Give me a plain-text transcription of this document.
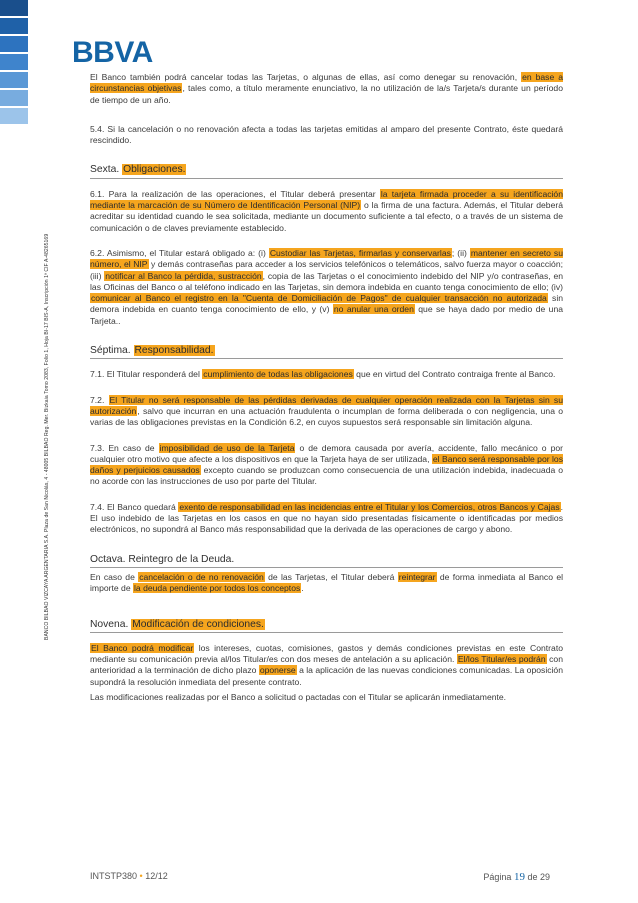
BBVA
BANCO BILBAO VIZCAYA ARGENTARIA S.A. Plaza de San Nicolás, 4 - 48005 BILBAO Reg. Mer. Bizkaia Tomo 2083, Folio 1, Hoja BI-17 BIS-A, Inscripción 1ª CIF A-48265169

El Banco también podrá cancelar todas las Tarjetas, o algunas de ellas, así como denegar su renovación, en base a circunstancias objetivas, tales como, a título meramente enunciativo, la no utilización de la/s Tarjeta/s durante un período de tiempo de un año.

5.4. Si la cancelación o no renovación afecta a todas las tarjetas emitidas al amparo del presente Contrato, éste quedará rescindido.

Sexta. Obligaciones.

6.1. Para la realización de las operaciones, el Titular deberá presentar la tarjeta firmada proceder a su identificación mediante la marcación de su Número de Identificación Personal (NIP) o la firma de una factura. Además, el Titular deberá acreditar su identidad cuando le sea solicitada, mediante un documento suficiente a tal efecto, o a través de un sistema de comunicación o de claves previamente establecido.

6.2. Asimismo, el Titular estará obligado a: (i) Custodiar las Tarjetas, firmarlas y conservarlas; (ii) mantener en secreto su número, el NIP y demás contraseñas para acceder a los servicios telefónicos o telemáticos, salvo fuerza mayor o coacción; (iii) notificar al Banco la pérdida, sustracción, copia de las Tarjetas o el conocimiento indebido del NIP y/o contraseñas, en las Oficinas del Banco o al teléfono indicado en las Tarjetas, sin demora indebida en cuanto tenga conocimiento de ello; (iv) comunicar al Banco el registro en la "Cuenta de Domiciliación de Pagos" de cualquier transacción no autorizada sin demora indebida en cuanto tenga conocimiento de ello, y (v) no anular una orden que se haya dado por medio de una Tarjeta..

Séptima. Responsabilidad.

7.1. El Titular responderá del cumplimiento de todas las obligaciones que en virtud del Contrato contraiga frente al Banco.

7.2. El Titular no será responsable de las pérdidas derivadas de cualquier operación realizada con la Tarjetas sin su autorización, salvo que incurran en una actuación fraudulenta o incumplan de forma deliberada o con negligencia, una o varias de las obligaciones previstas en la Condición 6.2, en cuyos supuestos será responsable sin limitación alguna.

7.3. En caso de imposibilidad de uso de la Tarjeta o de demora causada por avería, accidente, fallo mecánico o por cualquier otro motivo que afecte a los dispositivos en que la Tarjeta haya de ser utilizada, el Banco será responsable por los daños y perjuicios causados excepto cuando se produzcan como consecuencia de una utilización indebida, inadecuada o no acorde con las instrucciones de uso por parte del Titular.

7.4. El Banco quedará exento de responsabilidad en las incidencias entre el Titular y los Comercios, otros Bancos y Cajas. El uso indebido de las Tarjetas en los casos en que no hayan sido presentadas físicamente o identificadas por medios electrónicos, no supondrá al Banco más responsabilidad que la derivada de las operaciones de cargo y abono.

Octava. Reintegro de la Deuda.

En caso de cancelación o de no renovación de las Tarjetas, el Titular deberá reintegrar de forma inmediata al Banco el importe de la deuda pendiente por todos los conceptos.

Novena. Modificación de condiciones.

El Banco podrá modificar los intereses, cuotas, comisiones, gastos y demás condiciones previstas en este Contrato mediante su comunicación previa al/los Titular/es con dos meses de antelación a su aplicación. El/los Titular/es podrán con anterioridad a la terminación de dicho plazo oponerse a la aplicación de las nuevas condiciones comunicadas. La oposición supondrá la resolución inmediata del presente contrato.

Las modificaciones realizadas por el Banco a solicitud o pactadas con el Titular se aplicarán inmediatamente.

INTSTP380 • 12/12	Página 19 de 29
